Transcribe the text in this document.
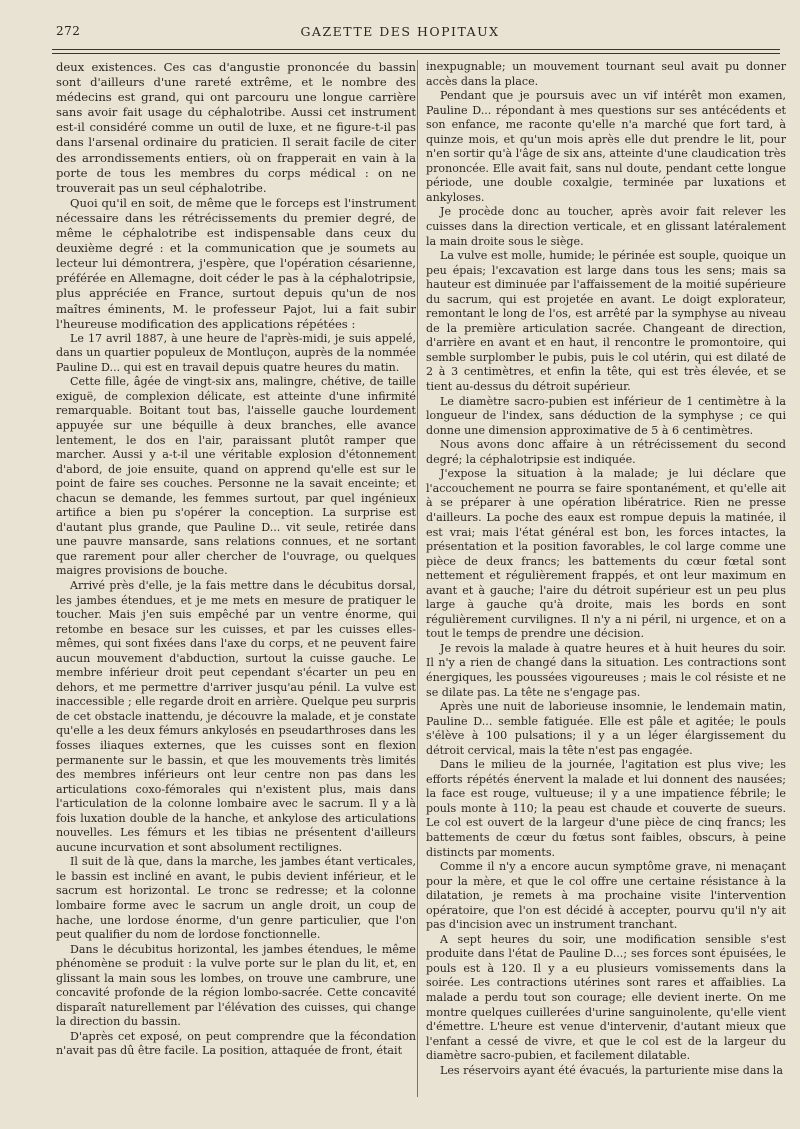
272	GAZETTE DES HOPITAUX

deux existences. Ces cas d'angustie prononcée du bassin sont d'ailleurs d'une rareté extrême, et le nombre des médecins est grand, qui ont parcouru une longue carrière sans avoir fait usage du céphalotribe. Aussi cet instrument est-il considéré comme un outil de luxe, et ne figure-t-il pas dans l'arsenal ordinaire du praticien. Il serait facile de citer des arrondissements entiers, où on frapperait en vain à la porte de tous les membres du corps médical : on ne trouverait pas un seul céphalotribe.

Quoi qu'il en soit, de même que le forceps est l'instrument nécessaire dans les rétrécissements du premier degré, de même le céphalotribe est indispensable dans ceux du deuxième degré : et la communication que je soumets au lecteur lui démontrera, j'espère, que l'opération césarienne, préférée en Allemagne, doit céder le pas à la céphalotripsie, plus appréciée en France, surtout depuis qu'un de nos maîtres éminents, M. le professeur Pajot, lui a fait subir l'heureuse modification des applications répétées :

Le 17 avril 1887, à une heure de l'après-midi, je suis appelé, dans un quartier populeux de Montluçon, auprès de la nommée Pauline D... qui est en travail depuis quatre heures du matin.

Cette fille, âgée de vingt-six ans, malingre, chétive, de taille exiguë, de complexion délicate, est atteinte d'une infirmité remarquable. Boitant tout bas, l'aisselle gauche lourdement appuyée sur une béquille à deux branches, elle avance lentement, le dos en l'air, paraissant plutôt ramper que marcher. Aussi y a-t-il une véritable explosion d'étonnement d'abord, de joie ensuite, quand on apprend qu'elle est sur le point de faire ses couches. Personne ne la savait enceinte; et chacun se demande, les femmes surtout, par quel ingénieux artifice a bien pu s'opérer la conception. La surprise est d'autant plus grande, que Pauline D... vit seule, retirée dans une pauvre mansarde, sans relations connues, et ne sortant que rarement pour aller chercher de l'ouvrage, ou quelques maigres provisions de bouche.

Arrivé près d'elle, je la fais mettre dans le décubitus dorsal, les jambes étendues, et je me mets en mesure de pratiquer le toucher. Mais j'en suis empêché par un ventre énorme, qui retombe en besace sur les cuisses, et par les cuisses elles-mêmes, qui sont fixées dans l'axe du corps, et ne peuvent faire aucun mouvement d'abduction, surtout la cuisse gauche. Le membre inférieur droit peut cependant s'écarter un peu en dehors, et me permettre d'arriver jusqu'au pénil. La vulve est inaccessible ; elle regarde droit en arrière. Quelque peu surpris de cet obstacle inattendu, je découvre la malade, et je constate qu'elle a les deux fémurs ankylosés en pseudarthroses dans les fosses iliaques externes, que les cuisses sont en flexion permanente sur le bassin, et que les mouvements très limités des membres inférieurs ont leur centre non pas dans les articulations coxo-fémorales qui n'existent plus, mais dans l'articulation de la colonne lombaire avec le sacrum. Il y a là fois luxation double de la hanche, et ankylose des articulations nouvelles. Les fémurs et les tibias ne présentent d'ailleurs aucune incurvation et sont absolument rectilignes.

Il suit de là que, dans la marche, les jambes étant verticales, le bassin est incliné en avant, le pubis devient inférieur, et le sacrum est horizontal. Le tronc se redresse; et la colonne lombaire forme avec le sacrum un angle droit, un coup de hache, une lordose énorme, d'un genre particulier, que l'on peut qualifier du nom de lordose fonctionnelle.

Dans le décubitus horizontal, les jambes étendues, le même phénomène se produit : la vulve porte sur le plan du lit, et, en glissant la main sous les lombes, on trouve une cambrure, une concavité profonde de la région lombo-sacrée. Cette concavité disparaît naturellement par l'élévation des cuisses, qui change la direction du bassin.

D'après cet exposé, on peut comprendre que la fécondation n'avait pas dû être facile. La position, attaquée de front, était

inexpugnable; un mouvement tournant seul avait pu donner accès dans la place.

Pendant que je poursuis avec un vif intérêt mon examen, Pauline D... répondant à mes questions sur ses antécédents et son enfance, me raconte qu'elle n'a marché que fort tard, à quinze mois, et qu'un mois après elle dut prendre le lit, pour n'en sortir qu'à l'âge de six ans, atteinte d'une claudication très prononcée. Elle avait fait, sans nul doute, pendant cette longue période, une double coxalgie, terminée par luxations et ankyloses.

Je procède donc au toucher, après avoir fait relever les cuisses dans la direction verticale, et en glissant latéralement la main droite sous le siège.

La vulve est molle, humide; le périnée est souple, quoique un peu épais; l'excavation est large dans tous les sens; mais sa hauteur est diminuée par l'affaissement de la moitié supérieure du sacrum, qui est projetée en avant. Le doigt explorateur, remontant le long de l'os, est arrêté par la symphyse au niveau de la première articulation sacrée. Changeant de direction, d'arrière en avant et en haut, il rencontre le promontoire, qui semble surplomber le pubis, puis le col utérin, qui est dilaté de 2 à 3 centimètres, et enfin la tête, qui est très élevée, et se tient au-dessus du détroit supérieur.

Le diamètre sacro-pubien est inférieur de 1 centimètre à la longueur de l'index, sans déduction de la symphyse ; ce qui donne une dimension approximative de 5 à 6 centimètres.

Nous avons donc affaire à un rétrécissement du second degré; la céphalotripsie est indiquée.

J'expose la situation à la malade; je lui déclare que l'accouchement ne pourra se faire spontanément, et qu'elle ait à se préparer à une opération libératrice. Rien ne presse d'ailleurs. La poche des eaux est rompue depuis la matinée, il est vrai; mais l'état général est bon, les forces intactes, la présentation et la position favorables, le col large comme une pièce de deux francs; les battements du cœur fœtal sont nettement et régulièrement frappés, et ont leur maximum en avant et à gauche; l'aire du détroit supérieur est un peu plus large à gauche qu'à droite, mais les bords en sont régulièrement curvilignes. Il n'y a ni péril, ni urgence, et on a tout le temps de prendre une décision.

Je revois la malade à quatre heures et à huit heures du soir. Il n'y a rien de changé dans la situation. Les contractions sont énergiques, les poussées vigoureuses ; mais le col résiste et ne se dilate pas. La tête ne s'engage pas.

Après une nuit de laborieuse insomnie, le lendemain matin, Pauline D... semble fatiguée. Elle est pâle et agitée; le pouls s'élève à 100 pulsations; il y a un léger élargissement du détroit cervical, mais la tête n'est pas engagée.

Dans le milieu de la journée, l'agitation est plus vive; les efforts répétés énervent la malade et lui donnent des nausées; la face est rouge, vultueuse; il y a une impatience fébrile; le pouls monte à 110; la peau est chaude et couverte de sueurs. Le col est ouvert de la largeur d'une pièce de cinq francs; les battements de cœur du fœtus sont faibles, obscurs, à peine distincts par moments.

Comme il n'y a encore aucun symptôme grave, ni menaçant pour la mère, et que le col offre une certaine résistance à la dilatation, je remets à ma prochaine visite l'intervention opératoire, que l'on est décidé à accepter, pourvu qu'il n'y ait pas d'incision avec un instrument tranchant.

A sept heures du soir, une modification sensible s'est produite dans l'état de Pauline D...; ses forces sont épuisées, le pouls est à 120. Il y a eu plusieurs vomissements dans la soirée. Les contractions utérines sont rares et affaiblies. La malade a perdu tout son courage; elle devient inerte. On me montre quelques cuillerées d'urine sanguinolente, qu'elle vient d'émettre. L'heure est venue d'intervenir, d'autant mieux que l'enfant a cessé de vivre, et que le col est de la largeur du diamètre sacro-pubien, et facilement dilatable.

Les réservoirs ayant été évacués, la parturiente mise dans la
